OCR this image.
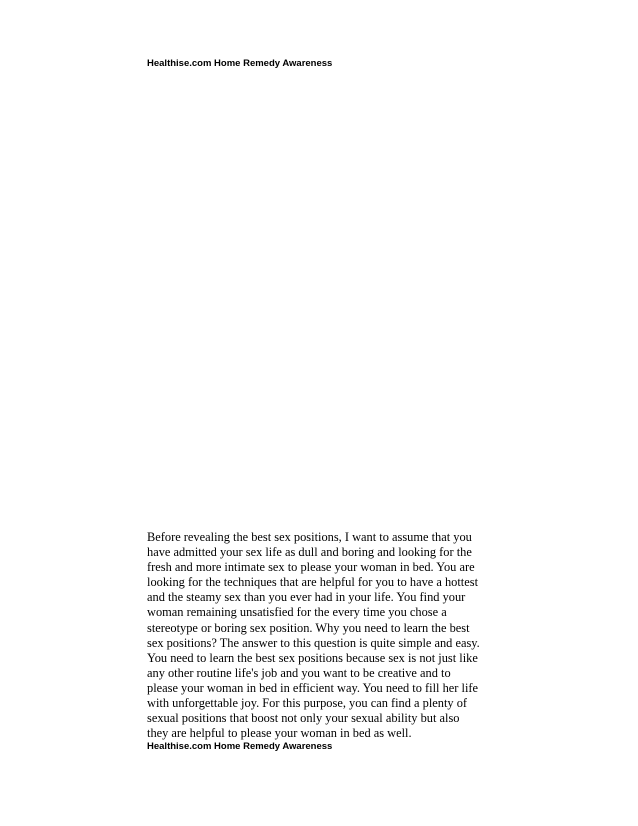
Healthise.com Home Remedy Awareness
Before revealing the best sex positions, I want to assume that you
have admitted your sex life as dull and boring and looking for the
fresh and more intimate sex to please your woman in bed. You are
looking for the techniques that are helpful for you to have a hottest
and the steamy sex than you ever had in your life. You find your
woman remaining unsatisfied for the every time you chose a
stereotype or boring sex position. Why you need to learn the best
sex positions? The answer to this question is quite simple and easy.
You need to learn the best sex positions because sex is not just like
any other routine life's job and you want to be creative and to
please your woman in bed in efficient way. You need to fill her life
with unforgettable joy. For this purpose, you can find a plenty of
sexual positions that boost not only your sexual ability but also
they are helpful to please your woman in bed as well.
Healthise.com Home Remedy Awareness
